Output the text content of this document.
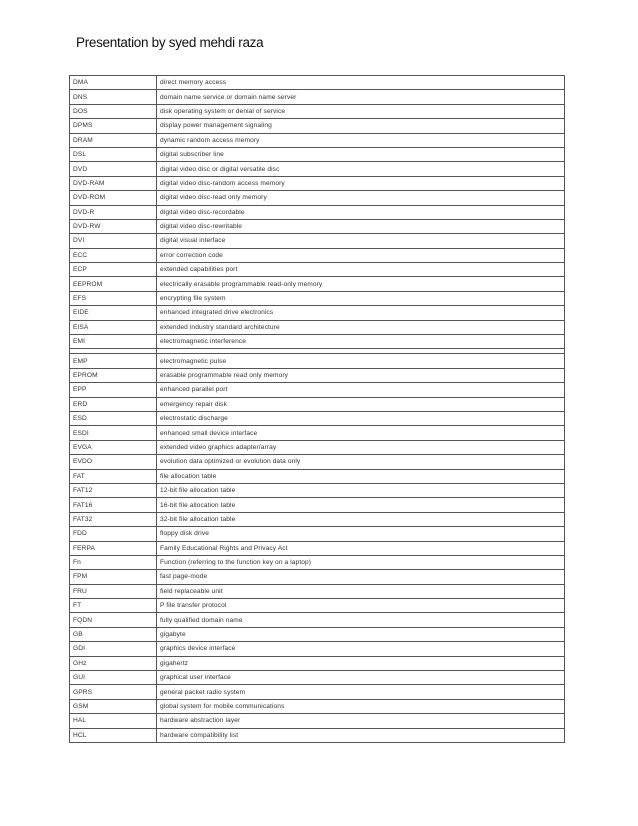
Presentation by syed mehdi raza
DMA	direct memory access
DNS	domain name service or domain name server
DOS	disk operating system or denial of service
DPMS	display power management signaling
DRAM	dynamic random access memory
DSL	digital subscriber line
DVD	digital video disc or digital versatile disc
DVD-RAM	digital video disc-random access memory
DVD-ROM	digital video disc-read only memory
DVD-R	digital video disc-recordable
DVD-RW	digital video disc-rewritable
DVI	digital visual interface
ECC	error correction code
ECP	extended capabilities port
EEPROM	electrically erasable programmable read-only memory
EFS	encrypting file system
EIDE	enhanced integrated drive electronics
EISA	extended industry standard architecture
EMI	electromagnetic interference

EMP	electromagnetic pulse
EPROM	erasable programmable read only memory
EPP	enhanced parallel port
ERD	emergency repair disk
ESD	electrostatic discharge
ESDI	enhanced small device interface
EVGA	extended video graphics adapter/array
EVDO	evolution data optimized or evolution data only
FAT	file allocation table
FAT12	12-bit file allocation table
FAT16	16-bit file allocation table
FAT32	32-bit file allocation table
FDD	floppy disk drive
FERPA	Family Educational Rights and Privacy Act
Fn	Function (referring to the function key on a laptop)
FPM	fast page-mode
FRU	field replaceable unit
FT	P file transfer protocol
FQDN	fully qualified domain name
GB	gigabyte
GDI	graphics device interface
GHz	gigahertz
GUI	graphical user interface
GPRS	general packet radio system
GSM	global system for mobile communications
HAL	hardware abstraction layer
HCL	hardware compatibility list
